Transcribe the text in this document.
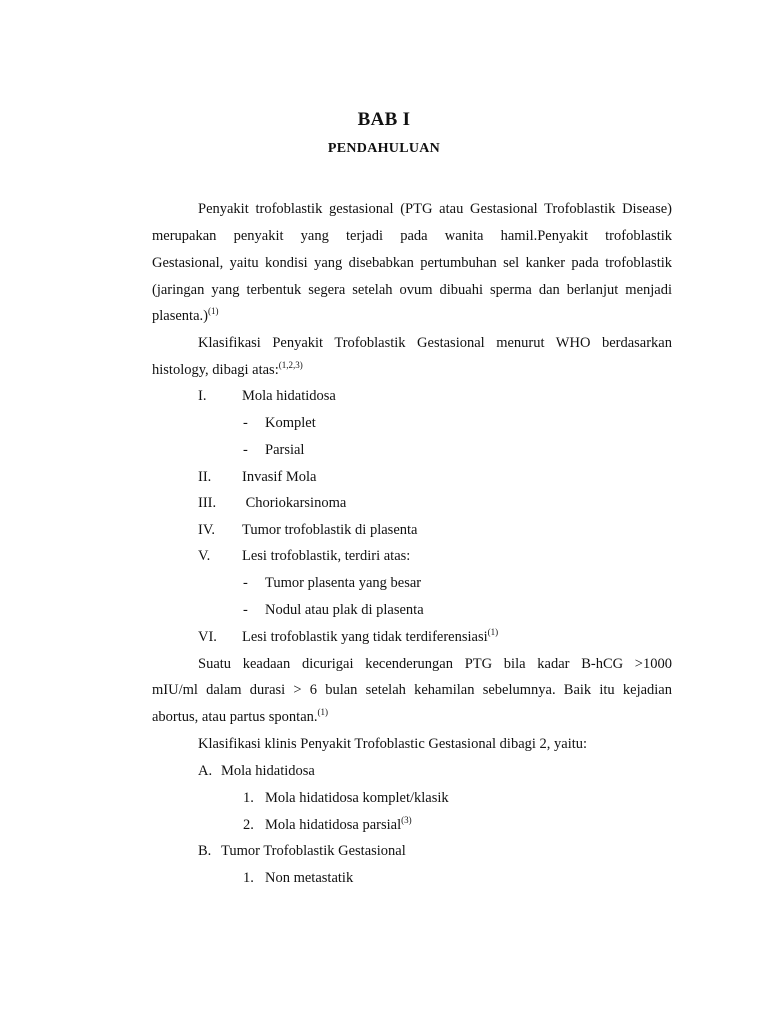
BAB I
PENDAHULUAN
Penyakit trofoblastik gestasional (PTG atau Gestasional Trofoblastik Disease)
merupakan penyakit yang terjadi pada wanita hamil.Penyakit trofoblastik
Gestasional, yaitu kondisi yang disebabkan pertumbuhan sel kanker pada trofoblastik
(jaringan yang terbentuk segera setelah ovum dibuahi sperma dan berlanjut menjadi
plasenta.)$^{(1)}$
Klasifikasi Penyakit Trofoblastik Gestasional menurut WHO berdasarkan
histology, dibagi atas:$^{(1,2,3)}$
I. Mola hidatidosa
- Komplet
- Parsial
II. Invasif Mola
III. Choriokarsinoma
IV. Tumor trofoblastik di plasenta
V. Lesi trofoblastik, terdiri atas:
- Tumor plasenta yang besar
- Nodul atau plak di plasenta
VI. Lesi trofoblastik yang tidak terdiferensiasi$^{(1)}$
Suatu keadaan dicurigai kecenderungan PTG bila kadar B-hCG >1000
mIU/ml dalam durasi > 6 bulan setelah kehamilan sebelumnya. Baik itu kejadian
abortus, atau partus spontan.$^{(1)}$
Klasifikasi klinis Penyakit Trofoblastic Gestasional dibagi 2, yaitu:
A. Mola hidatidosa
1. Mola hidatidosa komplet/klasik
2. Mola hidatidosa parsial$^{(3)}$
B. Tumor Trofoblastik Gestasional
1. Non metastatik
